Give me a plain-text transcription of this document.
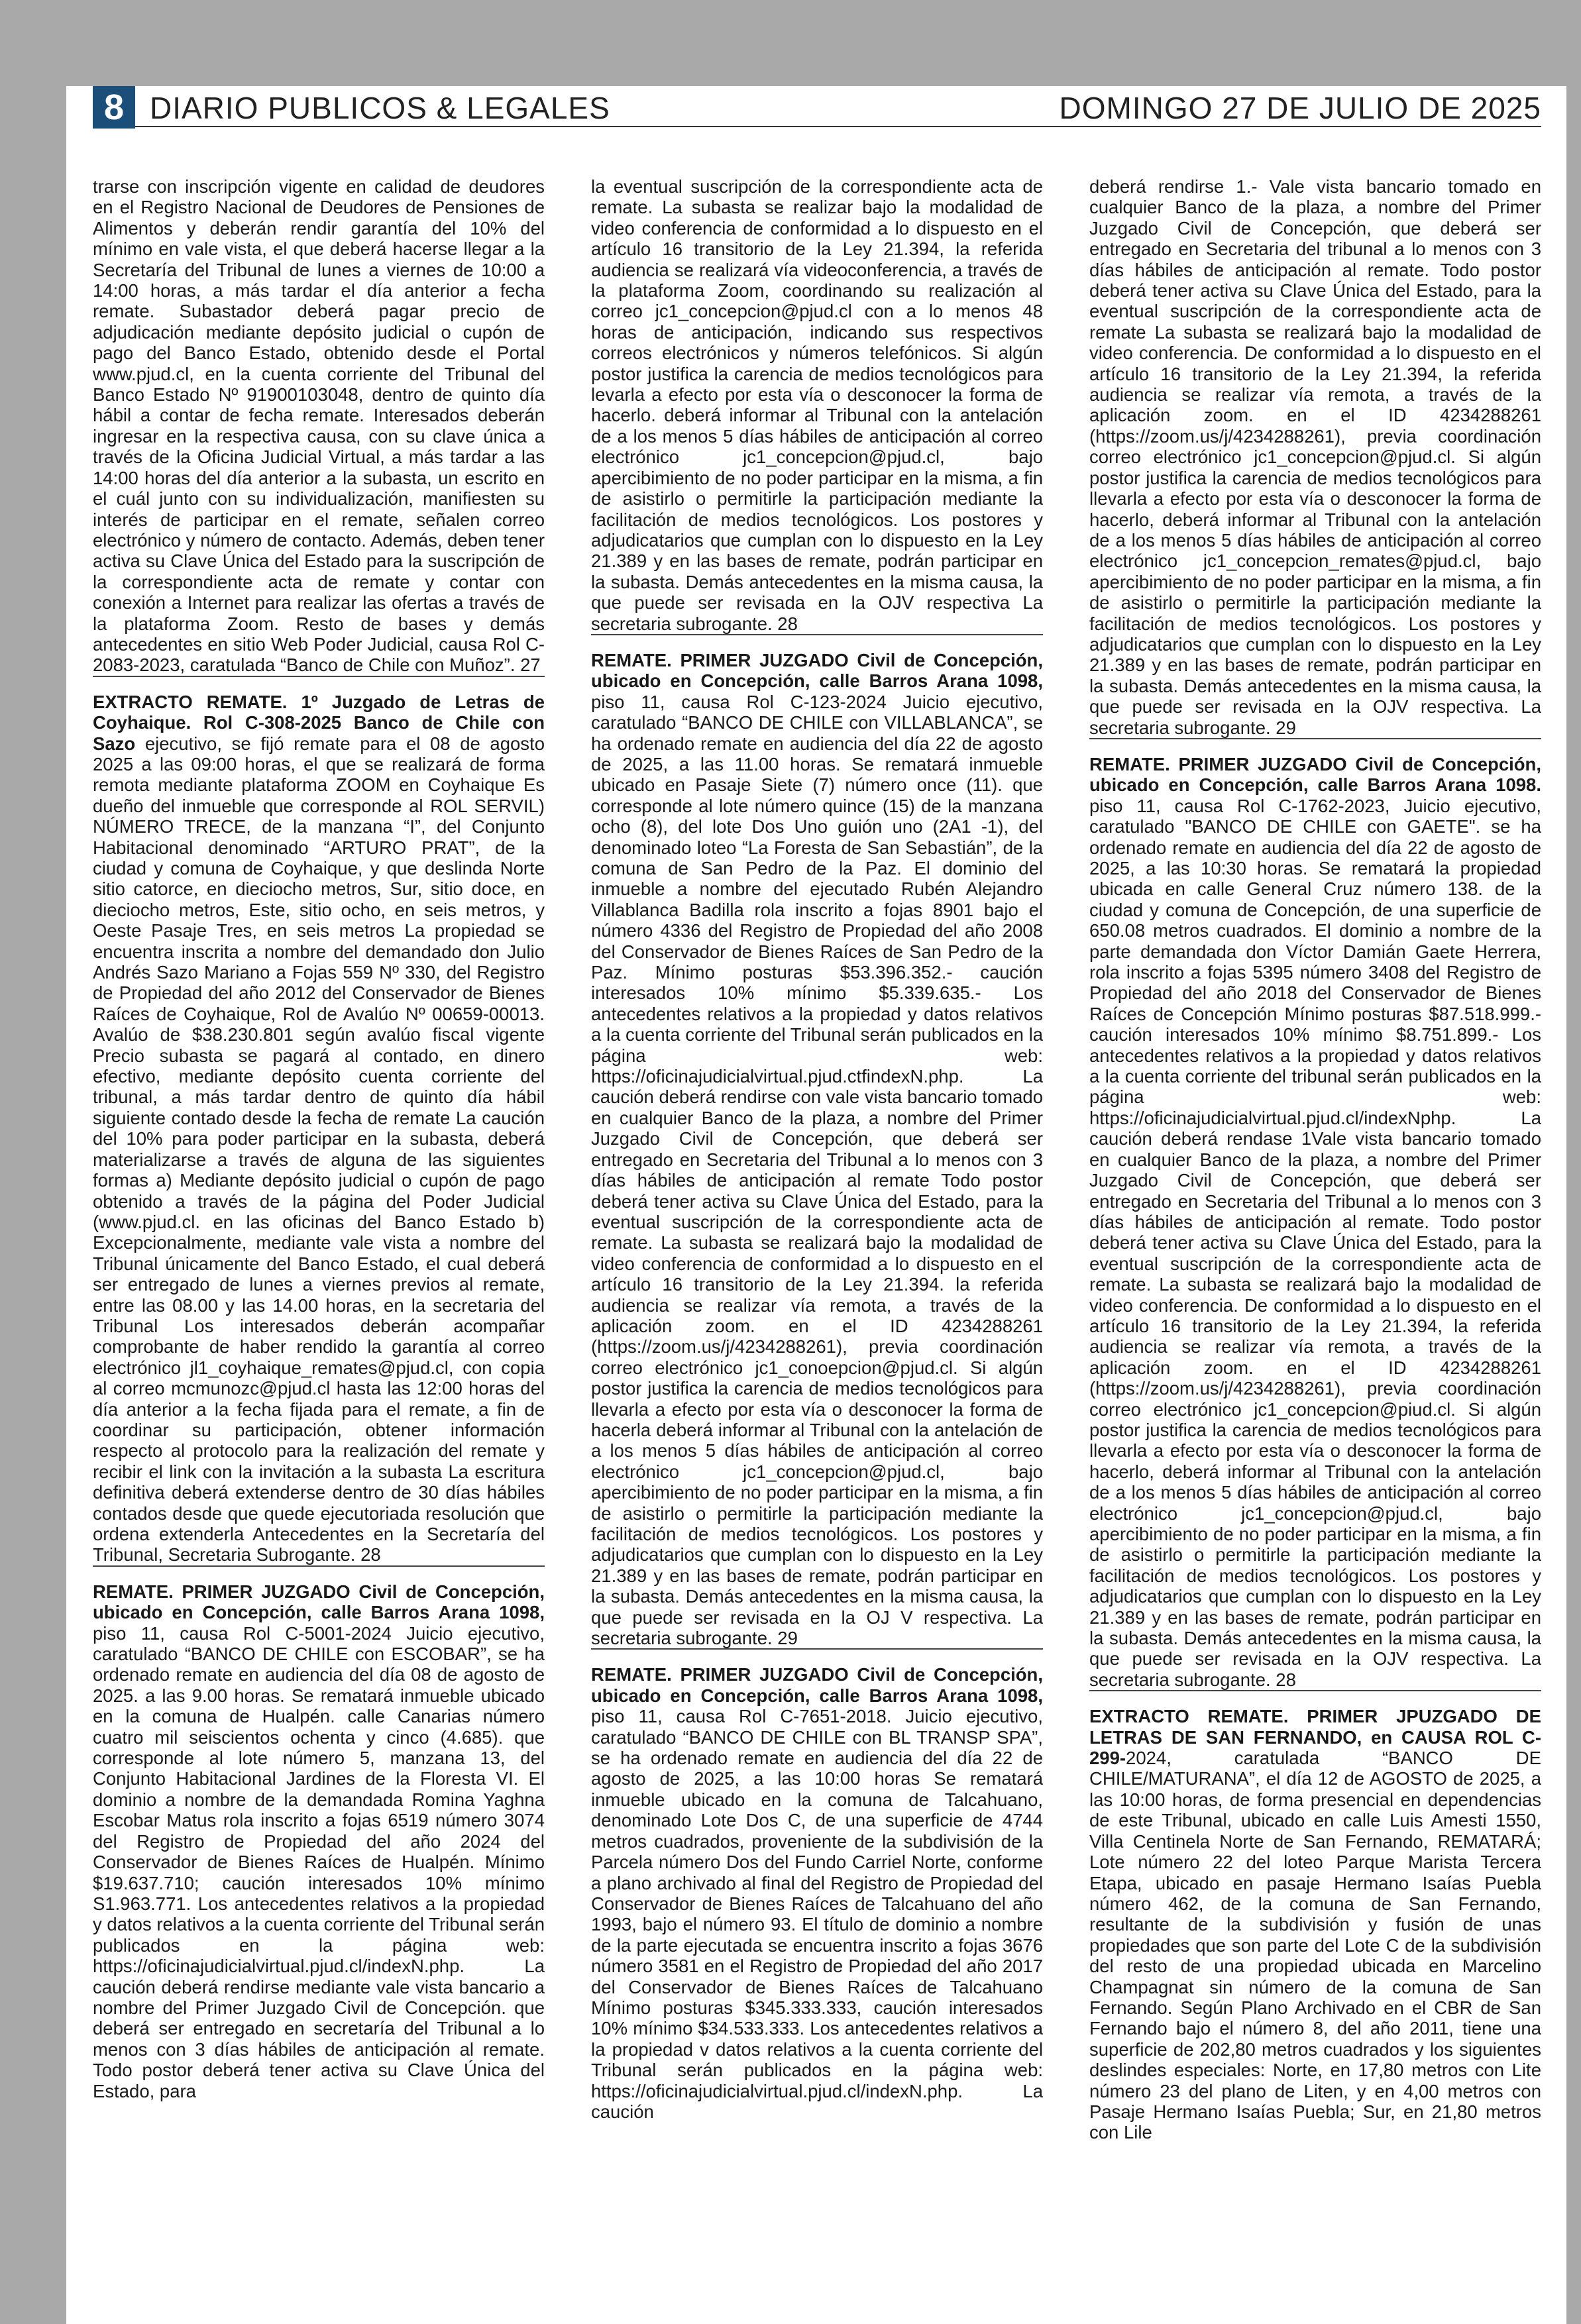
8 DIARIO PUBLICOS & LEGALES	DOMINGO 27 DE JULIO DE 2025

trarse con inscripción vigente en calidad de deudores en el Registro Nacional de Deudores de Pensiones de Alimentos y deberán rendir garantía del 10% del mínimo en vale vista, el que deberá hacerse llegar a la Secretaría del Tribunal de lunes a viernes de 10:00 a 14:00 horas, a más tardar el día anterior a fecha remate. Subastador deberá pagar precio de adjudicación mediante depósito judicial o cupón de pago del Banco Estado, obtenido desde el Portal www.pjud.cl, en la cuenta corriente del Tribunal del Banco Estado Nº 91900103048, dentro de quinto día hábil a contar de fecha remate. Interesados deberán ingresar en la respectiva causa, con su clave única a través de la Oficina Judicial Virtual, a más tardar a las 14:00 horas del día anterior a la subasta, un escrito en el cuál junto con su individualización, manifiesten su interés de participar en el remate, señalen correo electrónico y número de contacto. Además, deben tener activa su Clave Única del Estado para la suscripción de la correspondiente acta de remate y contar con conexión a Internet para realizar las ofertas a través de la plataforma Zoom. Resto de bases y demás antecedentes en sitio Web Poder Judicial, causa Rol C-2083-2023, caratulada “Banco de Chile con Muñoz”. 27

EXTRACTO REMATE. 1º Juzgado de Letras de Coyhaique. Rol C-308-2025 Banco de Chile con Sazo ejecutivo, se fijó remate para el 08 de agosto 2025 a las 09:00 horas, el que se realizará de forma remota mediante plataforma ZOOM en Coyhaique Es dueño del inmueble que corresponde al ROL SERVIL) NÚMERO TRECE, de la manzana “I”, del Conjunto Habitacional denominado “ARTURO PRAT”, de la ciudad y comuna de Coyhaique, y que deslinda Norte sitio catorce, en dieciocho metros, Sur, sitio doce, en dieciocho metros, Este, sitio ocho, en seis metros, y Oeste Pasaje Tres, en seis metros La propiedad se encuentra inscrita a nombre del demandado don Julio Andrés Sazo Mariano a Fojas 559 Nº 330, del Registro de Propiedad del año 2012 del Conservador de Bienes Raíces de Coyhaique, Rol de Avalúo Nº 00659-00013. Avalúo de $38.230.801 según avalúo fiscal vigente Precio subasta se pagará al contado, en dinero efectivo, mediante depósito cuenta corriente del tribunal, a más tardar dentro de quinto día hábil siguiente contado desde la fecha de remate La caución del 10% para poder participar en la subasta, deberá materializarse a través de alguna de las siguientes formas a) Mediante depósito judicial o cupón de pago obtenido a través de la página del Poder Judicial (www.pjud.cl. en las oficinas del Banco Estado b) Excepcionalmente, mediante vale vista a nombre del Tribunal únicamente del Banco Estado, el cual deberá ser entregado de lunes a viernes previos al remate, entre las 08.00 y las 14.00 horas, en la secretaria del Tribunal Los interesados deberán acompañar comprobante de haber rendido la garantía al correo electrónico jl1_coyhaique_remates@pjud.cl, con copia al correo mcmunozc@pjud.cl hasta las 12:00 horas del día anterior a la fecha fijada para el remate, a fin de coordinar su participación, obtener información respecto al protocolo para la realización del remate y recibir el link con la invitación a la subasta La escritura definitiva deberá extenderse dentro de 30 días hábiles contados desde que quede ejecutoriada resolución que ordena extenderla Antecedentes en la Secretaría del Tribunal, Secretaria Subrogante. 28

REMATE. PRIMER JUZGADO Civil de Concepción, ubicado en Concepción, calle Barros Arana 1098, piso 11, causa Rol C-5001-2024 Juicio ejecutivo, caratulado “BANCO DE CHILE con ESCOBAR”, se ha ordenado remate en audiencia del día 08 de agosto de 2025. a las 9.00 horas. Se rematará inmueble ubicado en la comuna de Hualpén. calle Canarias número cuatro mil seiscientos ochenta y cinco (4.685). que corresponde al lote número 5, manzana 13, del Conjunto Habitacional Jardines de la Floresta VI. El dominio a nombre de la demandada Romina Yaghna Escobar Matus rola inscrito a fojas 6519 número 3074 del Registro de Propiedad del año 2024 del Conservador de Bienes Raíces de Hualpén. Mínimo $19.637.710; caución interesados 10% mínimo S1.963.771. Los antecedentes relativos a la propiedad y datos relativos a la cuenta corriente del Tribunal serán publicados en la página web: https://oficinajudicialvirtual.pjud.cl/indexN.php. La caución deberá rendirse mediante vale vista bancario a nombre del Primer Juzgado Civil de Concepción. que deberá ser entregado en secretaría del Tribunal a lo menos con 3 días hábiles de anticipación al remate. Todo postor deberá tener activa su Clave Única del Estado, para

la eventual suscripción de la correspondiente acta de remate. La subasta se realizar bajo la modalidad de video conferencia de conformidad a lo dispuesto en el artículo 16 transitorio de la Ley 21.394, la referida audiencia se realizará vía videoconferencia, a través de la plataforma Zoom, coordinando su realización al correo jc1_concepcion@pjud.cl con a lo menos 48 horas de anticipación, indicando sus respectivos correos electrónicos y números telefónicos. Si algún postor justifica la carencia de medios tecnológicos para levarla a efecto por esta vía o desconocer la forma de hacerlo. deberá informar al Tribunal con la antelación de a los menos 5 días hábiles de anticipación al correo electrónico jc1_concepcion@pjud.cl, bajo apercibimiento de no poder participar en la misma, a fin de asistirlo o permitirle la participación mediante la facilitación de medios tecnológicos. Los postores y adjudicatarios que cumplan con lo dispuesto en la Ley 21.389 y en las bases de remate, podrán participar en la subasta. Demás antecedentes en la misma causa, la que puede ser revisada en la OJV respectiva La secretaria subrogante. 28

REMATE. PRIMER JUZGADO Civil de Concepción, ubicado en Concepción, calle Barros Arana 1098, piso 11, causa Rol C-123-2024 Juicio ejecutivo, caratulado “BANCO DE CHILE con VILLABLANCA”, se ha ordenado remate en audiencia del día 22 de agosto de 2025, a las 11.00 horas. Se rematará inmueble ubicado en Pasaje Siete (7) número once (11). que corresponde al lote número quince (15) de la manzana ocho (8), del lote Dos Uno guión uno (2A1 -1), del denominado loteo “La Foresta de San Sebastián”, de la comuna de San Pedro de la Paz. El dominio del inmueble a nombre del ejecutado Rubén Alejandro Villablanca Badilla rola inscrito a fojas 8901 bajo el número 4336 del Registro de Propiedad del año 2008 del Conservador de Bienes Raíces de San Pedro de la Paz. Mínimo posturas $53.396.352.- caución interesados 10% mínimo $5.339.635.- Los antecedentes relativos a la propiedad y datos relativos a la cuenta corriente del Tribunal serán publicados en la página web: https://oficinajudicialvirtual.pjud.ctfindexN.php. La caución deberá rendirse con vale vista bancario tomado en cualquier Banco de la plaza, a nombre del Primer Juzgado Civil de Concepción, que deberá ser entregado en Secretaria del Tribunal a lo menos con 3 días hábiles de anticipación al remate Todo postor deberá tener activa su Clave Única del Estado, para la eventual suscripción de la correspondiente acta de remate. La subasta se realizará bajo la modalidad de video conferencia de conformidad a lo dispuesto en el artículo 16 transitorio de la Ley 21.394. la referida audiencia se realizar vía remota, a través de la aplicación zoom. en el ID 4234288261 (https://zoom.us/j/4234288261), previa coordinación correo electrónico jc1_conoepcion@pjud.cl. Si algún postor justifica la carencia de medios tecnológicos para llevarla a efecto por esta vía o desconocer la forma de hacerla deberá informar al Tribunal con la antelación de a los menos 5 días hábiles de anticipación al correo electrónico jc1_concepcion@pjud.cl, bajo apercibimiento de no poder participar en la misma, a fin de asistirlo o permitirle la participación mediante la facilitación de medios tecnológicos. Los postores y adjudicatarios que cumplan con lo dispuesto en la Ley 21.389 y en las bases de remate, podrán participar en la subasta. Demás antecedentes en la misma causa, la que puede ser revisada en la OJ V respectiva. La secretaria subrogante. 29

REMATE. PRIMER JUZGADO Civil de Concepción, ubicado en Concepción, calle Barros Arana 1098, piso 11, causa Rol C-7651-2018. Juicio ejecutivo, caratulado “BANCO DE CHILE con BL TRANSP SPA”, se ha ordenado remate en audiencia del día 22 de agosto de 2025, a las 10:00 horas Se rematará inmueble ubicado en la comuna de Talcahuano, denominado Lote Dos C, de una superficie de 4744 metros cuadrados, proveniente de la subdivisión de la Parcela número Dos del Fundo Carriel Norte, conforme a plano archivado al final del Registro de Propiedad del Conservador de Bienes Raíces de Talcahuano del año 1993, bajo el número 93. El título de dominio a nombre de la parte ejecutada se encuentra inscrito a fojas 3676 número 3581 en el Registro de Propiedad del año 2017 del Conservador de Bienes Raíces de Talcahuano Mínimo posturas $345.333.333, caución interesados 10% mínimo $34.533.333. Los antecedentes relativos a la propiedad v datos relativos a la cuenta corriente del Tribunal serán publicados en la página web: https://oficinajudicialvirtual.pjud.cl/indexN.php. La caución

deberá rendirse 1.- Vale vista bancario tomado en cualquier Banco de la plaza, a nombre del Primer Juzgado Civil de Concepción, que deberá ser entregado en Secretaria del tribunal a lo menos con 3 días hábiles de anticipación al remate. Todo postor deberá tener activa su Clave Única del Estado, para la eventual suscripción de la correspondiente acta de remate La subasta se realizará bajo la modalidad de video conferencia. De conformidad a lo dispuesto en el artículo 16 transitorio de la Ley 21.394, la referida audiencia se realizar vía remota, a través de la aplicación zoom. en el ID 4234288261 (https://zoom.us/j/4234288261), previa coordinación correo electrónico jc1_concepcion@pjud.cl. Si algún postor justifica la carencia de medios tecnológicos para llevarla a efecto por esta vía o desconocer la forma de hacerlo, deberá informar al Tribunal con la antelación de a los menos 5 días hábiles de anticipación al correo electrónico jc1_concepcion_remates@pjud.cl, bajo apercibimiento de no poder participar en la misma, a fin de asistirlo o permitirle la participación mediante la facilitación de medios tecnológicos. Los postores y adjudicatarios que cumplan con lo dispuesto en la Ley 21.389 y en las bases de remate, podrán participar en la subasta. Demás antecedentes en la misma causa, la que puede ser revisada en la OJV respectiva. La secretaria subrogante. 29

REMATE. PRIMER JUZGADO Civil de Concepción, ubicado en Concepción, calle Barros Arana 1098. piso 11, causa Rol C-1762-2023, Juicio ejecutivo, caratulado "BANCO DE CHILE con GAETE". se ha ordenado remate en audiencia del día 22 de agosto de 2025, a las 10:30 horas. Se rematará la propiedad ubicada en calle General Cruz número 138. de la ciudad y comuna de Concepción, de una superficie de 650.08 metros cuadrados. El dominio a nombre de la parte demandada don Víctor Damián Gaete Herrera, rola inscrito a fojas 5395 número 3408 del Registro de Propiedad del año 2018 del Conservador de Bienes Raíces de Concepción Mínimo posturas $87.518.999.- caución interesados 10% mínimo $8.751.899.- Los antecedentes relativos a la propiedad y datos relativos a la cuenta corriente del tribunal serán publicados en la página web: https://oficinajudicialvirtual.pjud.cl/indexNphp. La caución deberá rendase 1Vale vista bancario tomado en cualquier Banco de la plaza, a nombre del Primer Juzgado Civil de Concepción, que deberá ser entregado en Secretaria del Tribunal a lo menos con 3 días hábiles de anticipación al remate. Todo postor deberá tener activa su Clave Única del Estado, para la eventual suscripción de la correspondiente acta de remate. La subasta se realizará bajo la modalidad de video conferencia. De conformidad a lo dispuesto en el artículo 16 transitorio de la Ley 21.394, la referida audiencia se realizar vía remota, a través de la aplicación zoom. en el ID 4234288261 (https://zoom.us/j/4234288261), previa coordinación correo electrónico jc1_concepcion@piud.cl. Si algún postor justifica la carencia de medios tecnológicos para llevarla a efecto por esta vía o desconocer la forma de hacerlo, deberá informar al Tribunal con la antelación de a los menos 5 días hábiles de anticipación al correo electrónico jc1_concepcion@pjud.cl, bajo apercibimiento de no poder participar en la misma, a fin de asistirlo o permitirle la participación mediante la facilitación de medios tecnológicos. Los postores y adjudicatarios que cumplan con lo dispuesto en la Ley 21.389 y en las bases de remate, podrán participar en la subasta. Demás antecedentes en la misma causa, la que puede ser revisada en la OJV respectiva. La secretaria subrogante. 28

EXTRACTO REMATE. PRIMER JPUZGADO DE LETRAS DE SAN FERNANDO, en CAUSA ROL C-299-2024, caratulada “BANCO DE CHILE/MATURANA”, el día 12 de AGOSTO de 2025, a las 10:00 horas, de forma presencial en dependencias de este Tribunal, ubicado en calle Luis Amesti 1550, Villa Centinela Norte de San Fernando, REMATARÁ; Lote número 22 del loteo Parque Marista Tercera Etapa, ubicado en pasaje Hermano Isaías Puebla número 462, de la comuna de San Fernando, resultante de la subdivisión y fusión de unas propiedades que son parte del Lote C de la subdivisión del resto de una propiedad ubicada en Marcelino Champagnat sin número de la comuna de San Fernando. Según Plano Archivado en el CBR de San Fernando bajo el número 8, del año 2011, tiene una superficie de 202,80 metros cuadrados y los siguientes deslindes especiales: Norte, en 17,80 metros con Lite número 23 del plano de Liten, y en 4,00 metros con Pasaje Hermano Isaías Puebla; Sur, en 21,80 metros con Lile
